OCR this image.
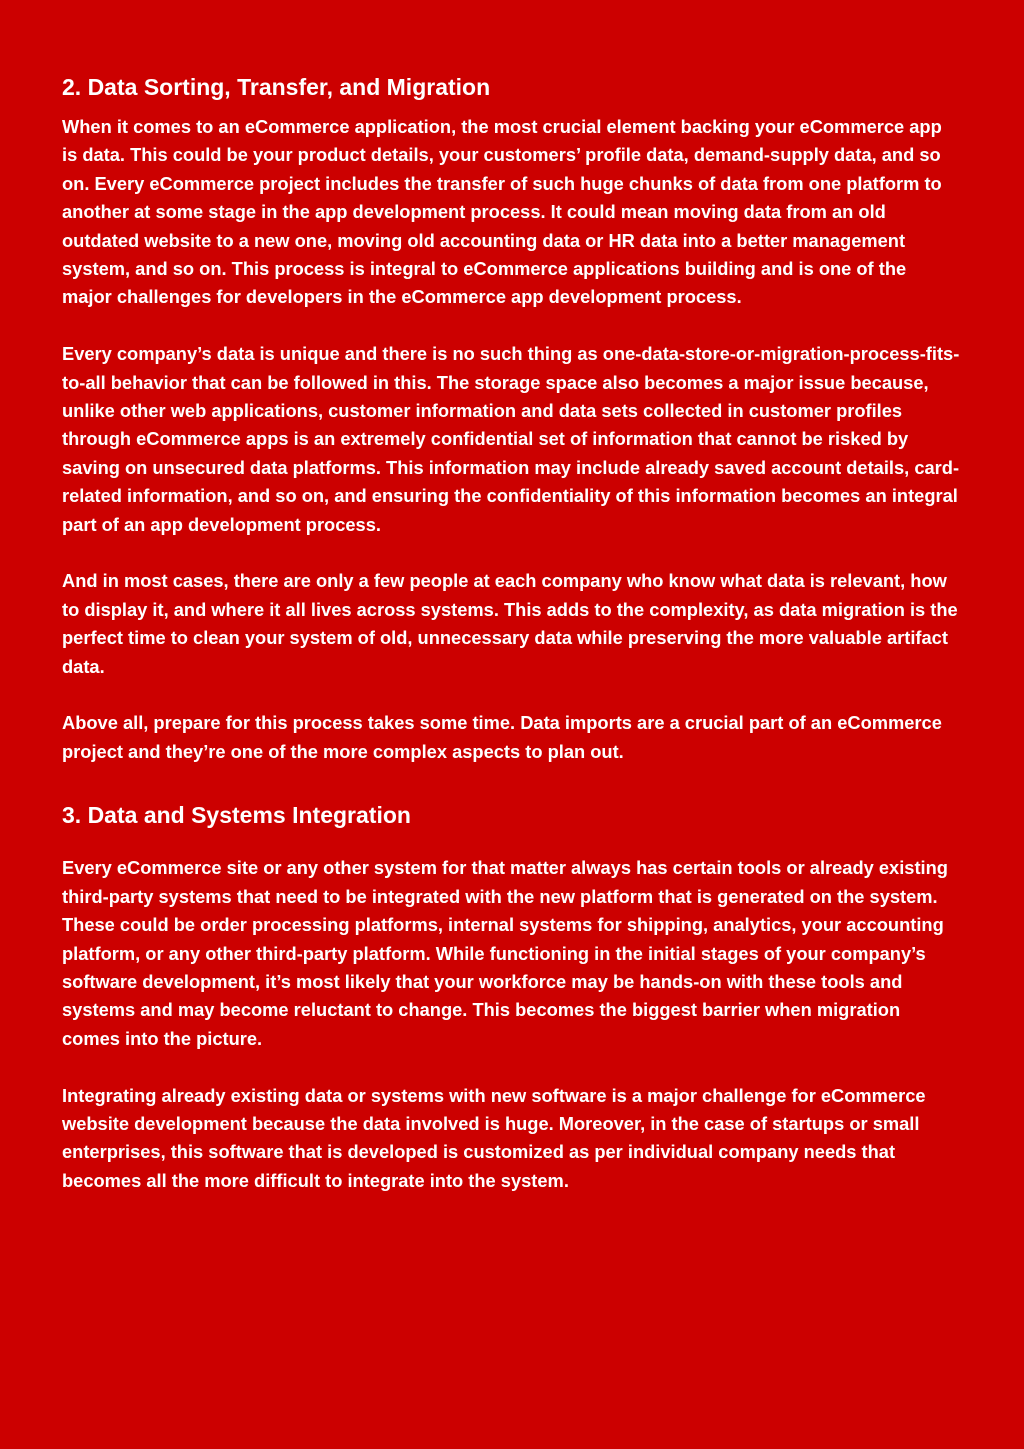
2. Data Sorting, Transfer, and Migration

When it comes to an eCommerce application, the most crucial element backing your eCommerce app is data. This could be your product details, your customers’ profile data, demand-supply data, and so on. Every eCommerce project includes the transfer of such huge chunks of data from one platform to another at some stage in the app development process. It could mean moving data from an old outdated website to a new one, moving old accounting data or HR data into a better management system, and so on. This process is integral to eCommerce applications building and is one of the major challenges for developers in the eCommerce app development process.

Every company’s data is unique and there is no such thing as one-data-store-or-migration-process-fits-to-all behavior that can be followed in this. The storage space also becomes a major issue because, unlike other web applications, customer information and data sets collected in customer profiles through eCommerce apps is an extremely confidential set of information that cannot be risked by saving on unsecured data platforms. This information may include already saved account details, card-related information, and so on, and ensuring the confidentiality of this information becomes an integral part of an app development process.

And in most cases, there are only a few people at each company who know what data is relevant, how to display it, and where it all lives across systems. This adds to the complexity, as data migration is the perfect time to clean your system of old, unnecessary data while preserving the more valuable artifact data.

Above all, prepare for this process takes some time. Data imports are a crucial part of an eCommerce project and they’re one of the more complex aspects to plan out.

3. Data and Systems Integration

Every eCommerce site or any other system for that matter always has certain tools or already existing third-party systems that need to be integrated with the new platform that is generated on the system. These could be order processing platforms, internal systems for shipping, analytics, your accounting platform, or any other third-party platform. While functioning in the initial stages of your company’s software development, it’s most likely that your workforce may be hands-on with these tools and systems and may become reluctant to change. This becomes the biggest barrier when migration comes into the picture.

Integrating already existing data or systems with new software is a major challenge for eCommerce website development because the data involved is huge. Moreover, in the case of startups or small enterprises, this software that is developed is customized as per individual company needs that becomes all the more difficult to integrate into the system.
